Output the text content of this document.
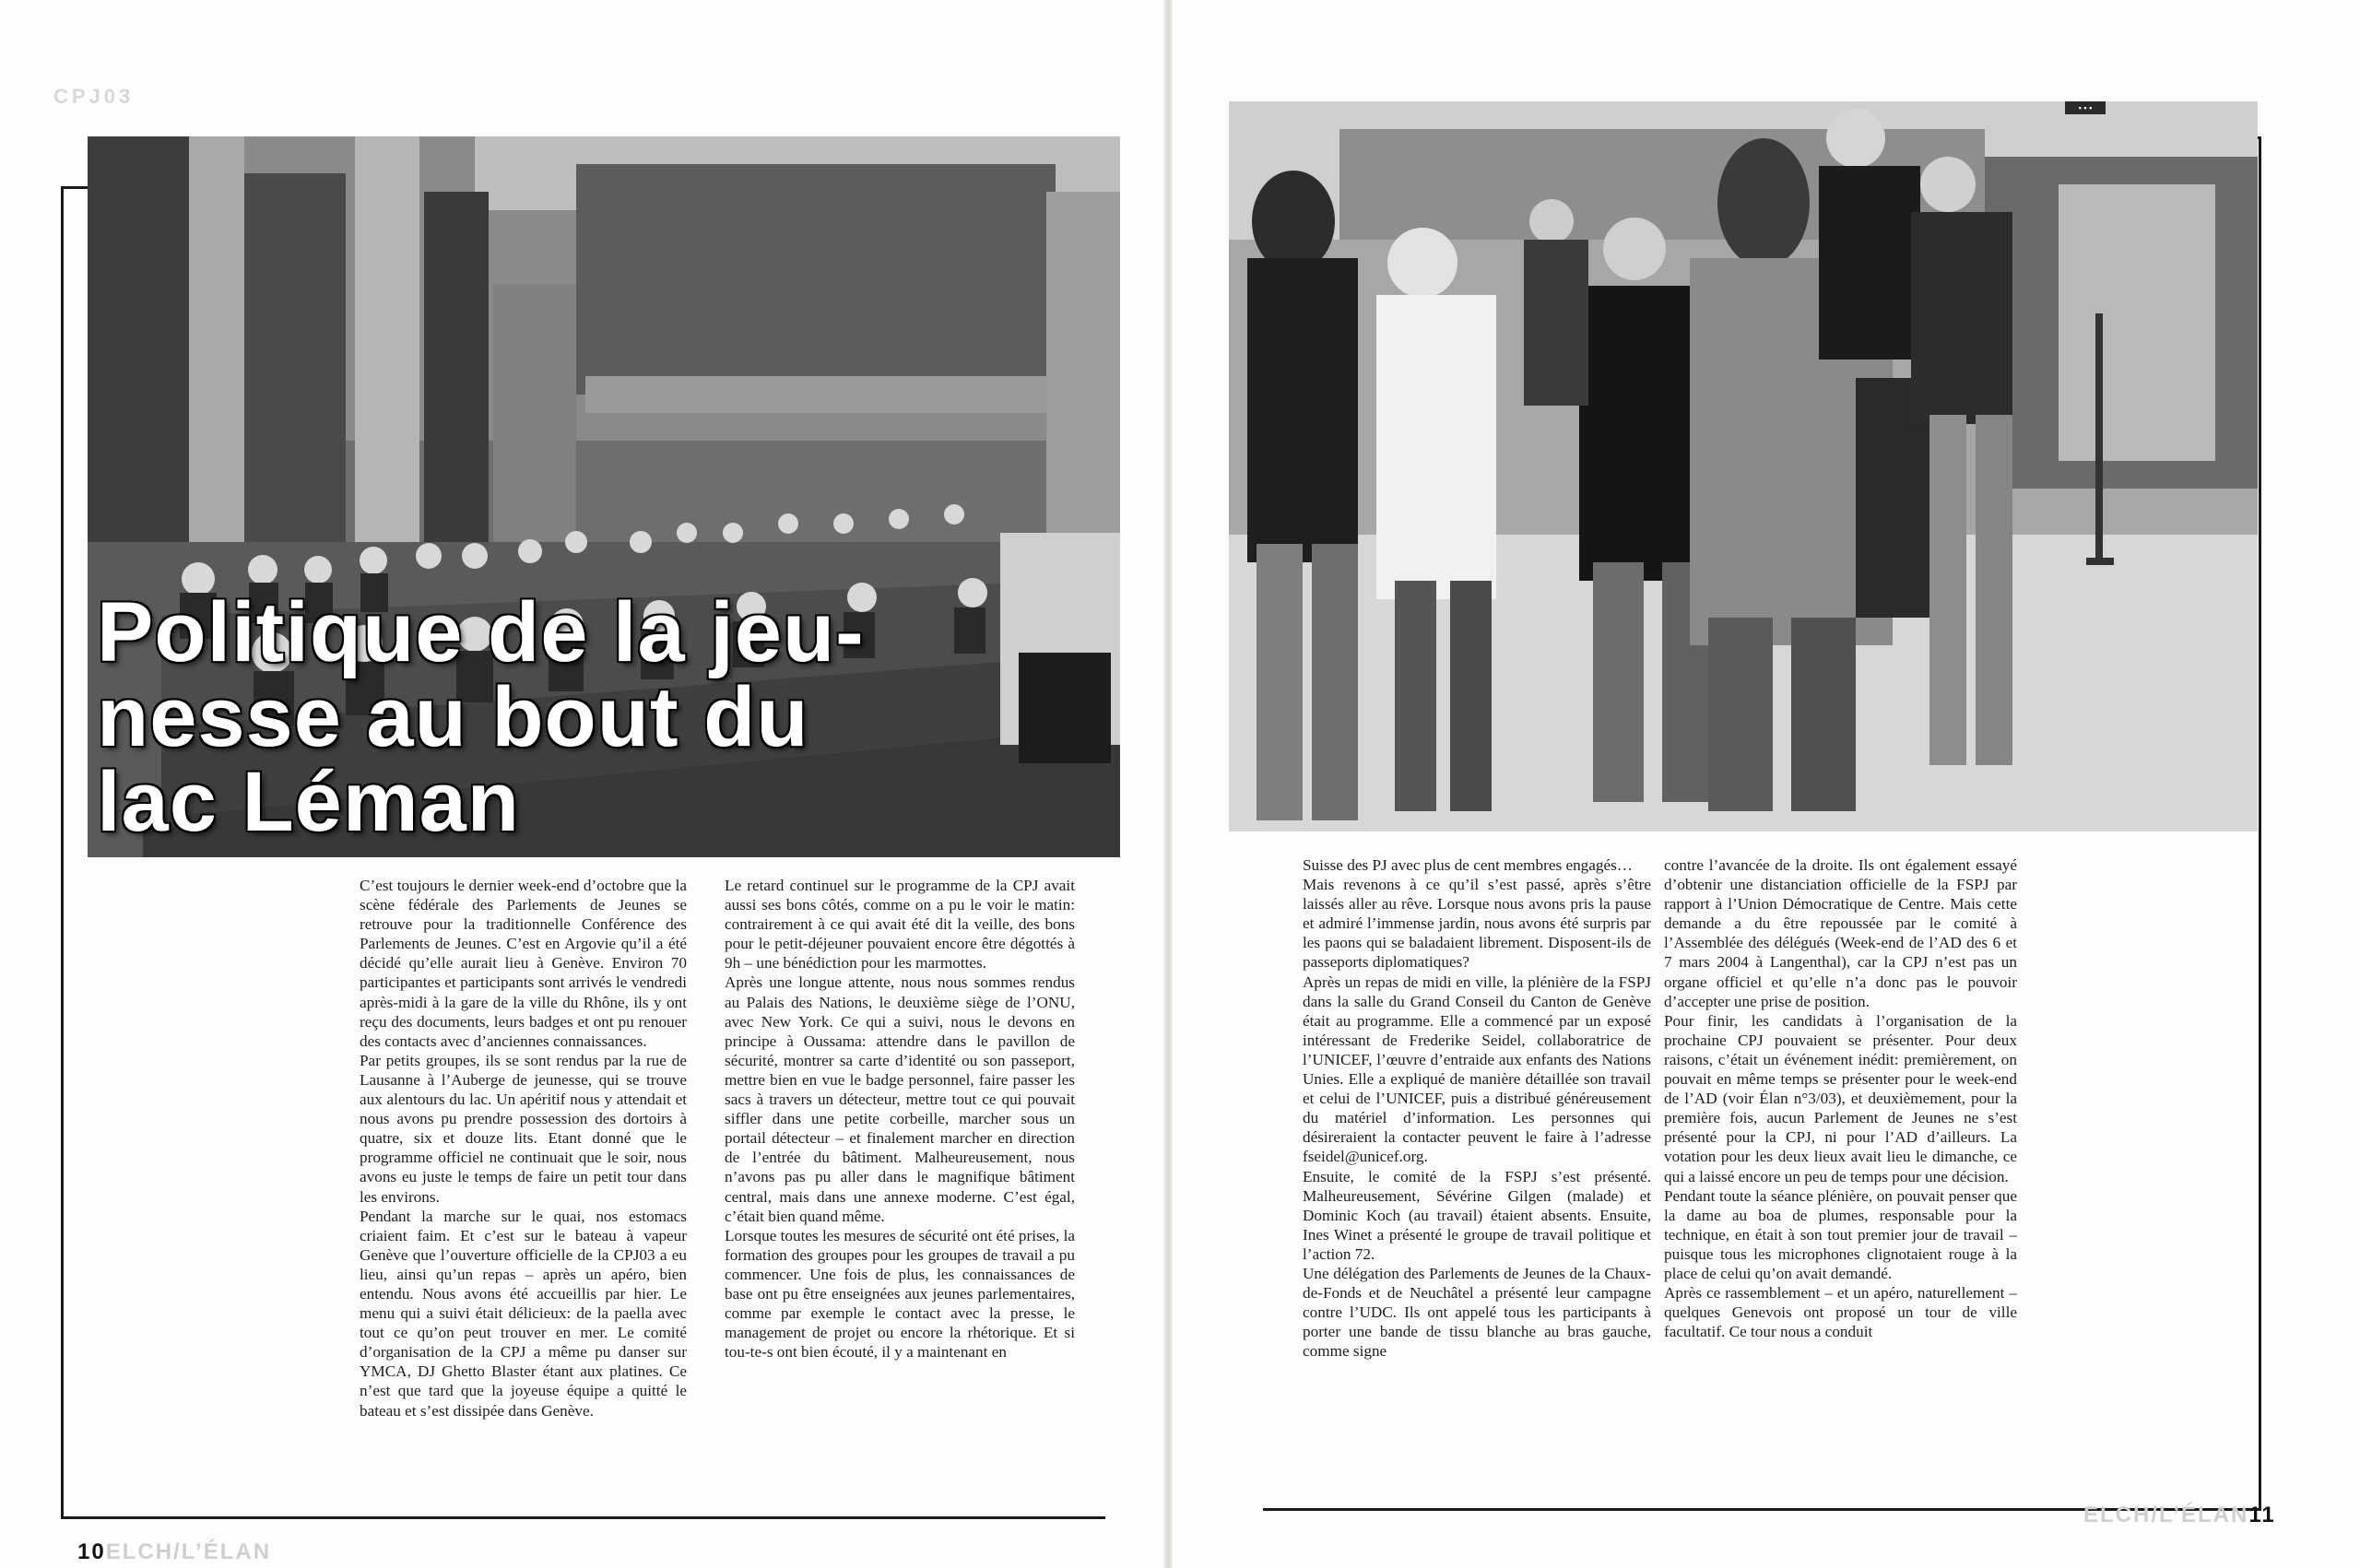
CPJ03
Politique de la jeu-
nesse au bout du
lac Léman
▪ ▪ ▪

C’est toujours le dernier week-end d’octobre que la scène fédérale des Parlements de Jeunes se retrouve pour la traditionnelle Conférence des Parlements de Jeunes. C’est en Argovie qu’il a été décidé qu’elle aurait lieu à Genève. Environ 70 participantes et participants sont arrivés le vendredi après-midi à la gare de la ville du Rhône, ils y ont reçu des documents, leurs badges et ont pu renouer des contacts avec d’anciennes connaissances.

Par petits groupes, ils se sont rendus par la rue de Lausanne à l’Auberge de jeunesse, qui se trouve aux alentours du lac. Un apéritif nous y attendait et nous avons pu prendre possession des dortoirs à quatre, six et douze lits. Etant donné que le programme officiel ne continuait que le soir, nous avons eu juste le temps de faire un petit tour dans les environs.

Pendant la marche sur le quai, nos estomacs criaient faim. Et c’est sur le bateau à vapeur Genève que l’ouverture officielle de la CPJ03 a eu lieu, ainsi qu’un repas – après un apéro, bien entendu. Nous avons été accueillis par hier. Le menu qui a suivi était délicieux: de la paella avec tout ce qu’on peut trouver en mer. Le comité d’organisation de la CPJ a même pu danser sur YMCA, DJ Ghetto Blaster étant aux platines. Ce n’est que tard que la joyeuse équipe a quitté le bateau et s’est dissipée dans Genève.

Le retard continuel sur le programme de la CPJ avait aussi ses bons côtés, comme on a pu le voir le matin: contrairement à ce qui avait été dit la veille, des bons pour le petit-déjeuner pouvaient encore être dégottés à 9h – une bénédiction pour les marmottes.

Après une longue attente, nous nous sommes rendus au Palais des Nations, le deuxième siège de l’ONU, avec New York. Ce qui a suivi, nous le devons en principe à Oussama: attendre dans le pavillon de sécurité, montrer sa carte d’identité ou son passeport, mettre bien en vue le badge personnel, faire passer les sacs à travers un détecteur, mettre tout ce qui pouvait siffler dans une petite corbeille, marcher sous un portail détecteur – et finalement marcher en direction de l’entrée du bâtiment. Malheureusement, nous n’avons pas pu aller dans le magnifique bâtiment central, mais dans une annexe moderne. C’est égal, c’était bien quand même.

Lorsque toutes les mesures de sécurité ont été prises, la formation des groupes pour les groupes de travail a pu commencer. Une fois de plus, les connaissances de base ont pu être enseignées aux jeunes parlementaires, comme par exemple le contact avec la presse, le management de projet ou encore la rhétorique. Et si tou-te-s ont bien écouté, il y a maintenant en

Suisse des PJ avec plus de cent membres engagés…

Mais revenons à ce qu’il s’est passé, après s’être laissés aller au rêve. Lorsque nous avons pris la pause et admiré l’immense jardin, nous avons été surpris par les paons qui se baladaient librement. Disposent-ils de passeports diplomatiques?

Après un repas de midi en ville, la plénière de la FSPJ dans la salle du Grand Conseil du Canton de Genève était au programme. Elle a commencé par un exposé intéressant de Frederike Seidel, collaboratrice de l’UNICEF, l’œuvre d’entraide aux enfants des Nations Unies. Elle a expliqué de manière détaillée son travail et celui de l’UNICEF, puis a distribué généreusement du matériel d’information. Les personnes qui désireraient la contacter peuvent le faire à l’adresse fseidel@unicef.org.

Ensuite, le comité de la FSPJ s’est présenté. Malheureusement, Sévérine Gilgen (malade) et Dominic Koch (au travail) étaient absents. Ensuite, Ines Winet a présenté le groupe de travail politique et l’action 72.

Une délégation des Parlements de Jeunes de la Chaux-de-Fonds et de Neuchâtel a présenté leur campagne contre l’UDC. Ils ont appelé tous les participants à porter une bande de tissu blanche au bras gauche, comme signe

contre l’avancée de la droite. Ils ont également essayé d’obtenir une distanciation officielle de la FSPJ par rapport à l’Union Démocratique de Centre. Mais cette demande a du être repoussée par le comité à l’Assemblée des délégués (Week-end de l’AD des 6 et 7 mars 2004 à Langenthal), car la CPJ n’est pas un organe officiel et qu’elle n’a donc pas le pouvoir d’accepter une prise de position.

Pour finir, les candidats à l’organisation de la prochaine CPJ pouvaient se présenter. Pour deux raisons, c’était un événement inédit: premièrement, on pouvait en même temps se présenter pour le week-end de l’AD (voir Élan n°3/03), et deuxièmement, pour la première fois, aucun Parlement de Jeunes ne s’est présenté pour la CPJ, ni pour l’AD d’ailleurs. La votation pour les deux lieux avait lieu le dimanche, ce qui a laissé encore un peu de temps pour une décision.

Pendant toute la séance plénière, on pouvait penser que la dame au boa de plumes, responsable pour la technique, en était à son tout premier jour de travail – puisque tous les microphones clignotaient rouge à la place de celui qu’on avait demandé.

Après ce rassemblement – et un apéro, naturellement – quelques Genevois ont proposé un tour de ville facultatif. Ce tour nous a conduit

10ELCH/L’ÉLAN
ELCH/L’ÉLAN11
